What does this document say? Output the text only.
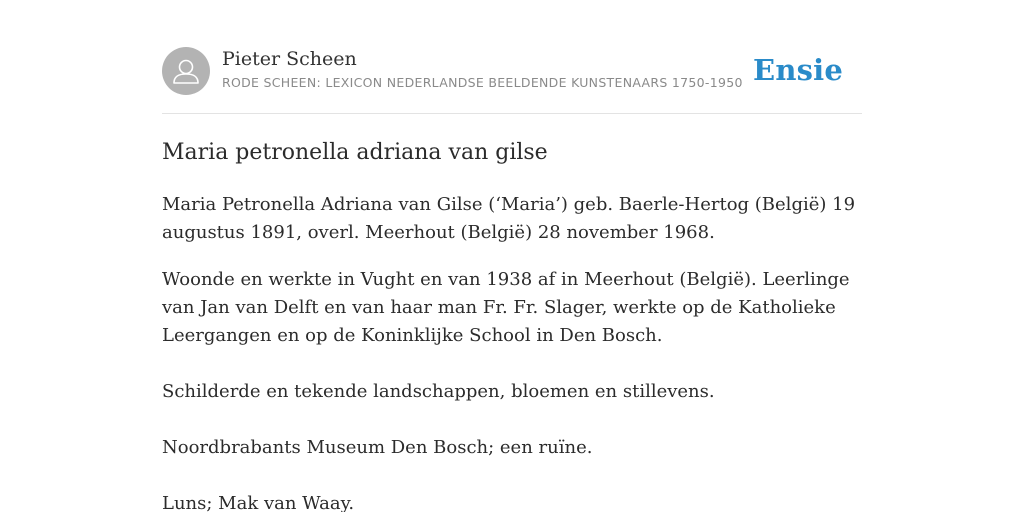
Pieter Scheen
RODE SCHEEN: LEXICON NEDERLANDSE BEELDENDE KUNSTENAARS 1750-1950 Ensie
Maria petronella adriana van gilse

Maria Petronella Adriana van Gilse (‘Maria’) geb. Baerle-Hertog (België) 19 augustus 1891, overl. Meerhout (België) 28 november 1968.

Woonde en werkte in Vught en van 1938 af in Meerhout (België). Leerlinge van Jan van Delft en van haar man Fr. Fr. Slager, werkte op de Katholieke Leergangen en op de Koninklijke School in Den Bosch.

Schilderde en tekende landschappen, bloemen en stillevens.

Noordbrabants Museum Den Bosch; een ruïne.

Luns; Mak van Waay.
